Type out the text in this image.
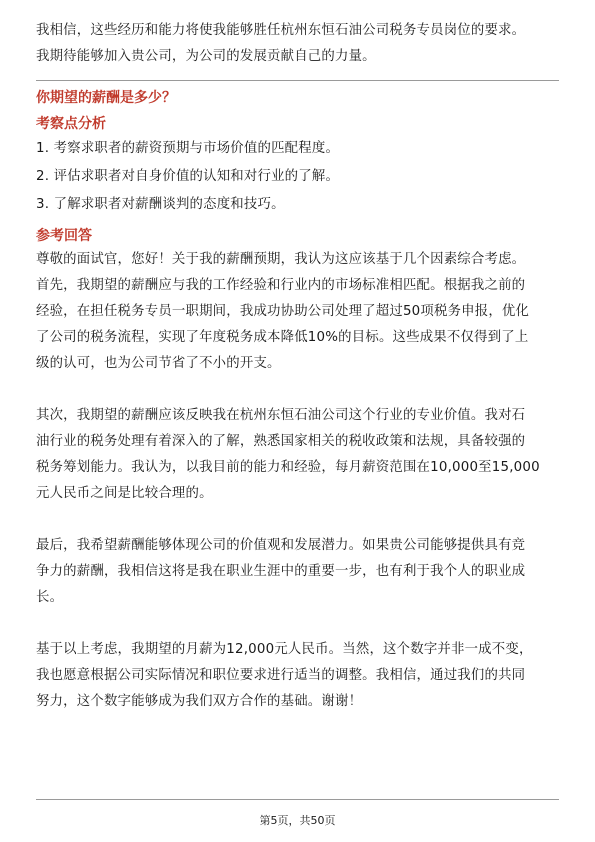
我相信，这些经历和能力将使我能够胜任杭州东恒石油公司税务专员岗位的要求。

我期待能够加入贵公司，为公司的发展贡献自己的力量。

你期望的薪酬是多少？
考察点分析

1. 考察求职者的薪资预期与市场价值的匹配程度。

2. 评估求职者对自身价值的认知和对行业的了解。

3. 了解求职者对薪酬谈判的态度和技巧。

参考回答

尊敬的面试官，您好！关于我的薪酬预期，我认为这应该基于几个因素综合考虑。

首先，我期望的薪酬应与我的工作经验和行业内的市场标准相匹配。根据我之前的

经验，在担任税务专员一职期间，我成功协助公司处理了超过50项税务申报，优化

了公司的税务流程，实现了年度税务成本降低10%的目标。这些成果不仅得到了上

级的认可，也为公司节省了不小的开支。

其次，我期望的薪酬应该反映我在杭州东恒石油公司这个行业的专业价值。我对石

油行业的税务处理有着深入的了解，熟悉国家相关的税收政策和法规，具备较强的

税务筹划能力。我认为，以我目前的能力和经验，每月薪资范围在10,000至15,000

元人民币之间是比较合理的。

最后，我希望薪酬能够体现公司的价值观和发展潜力。如果贵公司能够提供具有竞

争力的薪酬，我相信这将是我在职业生涯中的重要一步，也有利于我个人的职业成

长。

基于以上考虑，我期望的月薪为12,000元人民币。当然，这个数字并非一成不变，

我也愿意根据公司实际情况和职位要求进行适当的调整。我相信，通过我们的共同

努力，这个数字能够成为我们双方合作的基础。谢谢！

第5页，共50页
